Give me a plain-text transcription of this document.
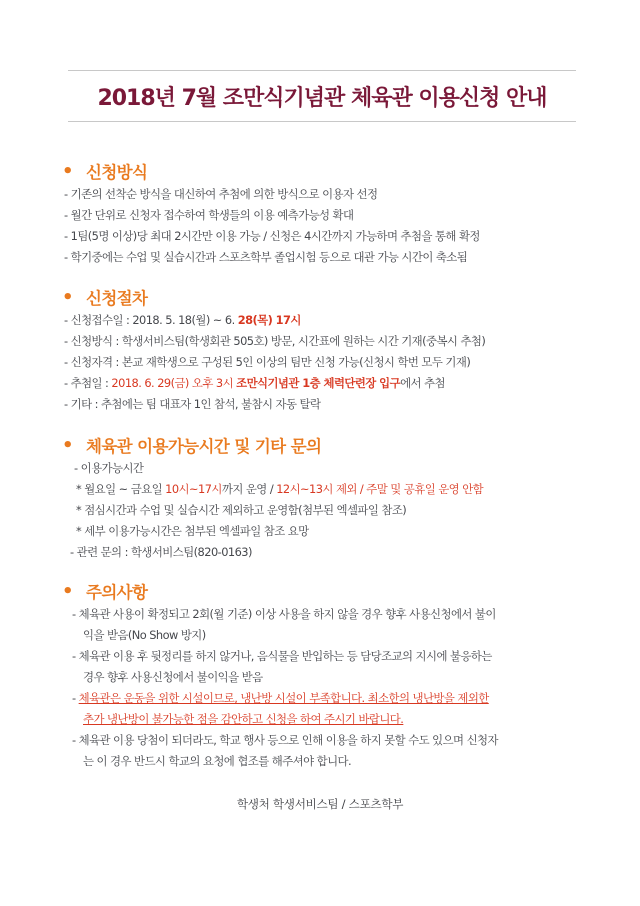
2018년 7월 조만식기념관 체육관 이용신청 안내
• 신청방식
- 기존의 선착순 방식을 대신하여 추첨에 의한 방식으로 이용자 선정
- 월간 단위로 신청자 접수하여 학생들의 이용 예측가능성 확대
- 1팀(5명 이상)당 최대 2시간만 이용 가능 / 신청은 4시간까지 가능하며 추첨을 통해 확정
- 학기중에는 수업 및 실습시간과 스포츠학부 졸업시험 등으로 대관 가능 시간이 축소됨
• 신청절차
- 신청접수일 : 2018. 5. 18(월) ~ 6. 28(목) 17시
- 신청방식 : 학생서비스팀(학생회관 505호) 방문, 시간표에 원하는 시간 기재(중복시 추첨)
- 신청자격 : 본교 재학생으로 구성된 5인 이상의 팀만 신청 가능(신청시 학번 모두 기재)
- 추첨일 : 2018. 6. 29(금) 오후 3시 조만식기념관 1층 체력단련장 입구에서 추첨
- 기타 : 추첨에는 팀 대표자 1인 참석, 불참시 자동 탈락
• 체육관 이용가능시간 및 기타 문의
- 이용가능시간
* 월요일 ~ 금요일 10시~17시까지 운영 / 12시~13시 제외 / 주말 및 공휴일 운영 안함
* 점심시간과 수업 및 실습시간 제외하고 운영함(첨부된 엑셀파일 참조)
* 세부 이용가능시간은 첨부된 엑셀파일 참조 요망
- 관련 문의 : 학생서비스팀(820-0163)
• 주의사항
- 체육관 사용이 확정되고 2회(월 기준) 이상 사용을 하지 않을 경우 향후 사용신청에서 불이
익을 받음(No Show 방지)
- 체육관 이용 후 뒷정리를 하지 않거나, 음식물을 반입하는 등 담당조교의 지시에 불응하는
경우 향후 사용신청에서 불이익을 받음
- 체육관은 운동을 위한 시설이므로, 냉난방 시설이 부족합니다. 최소한의 냉난방을 제외한
추가 냉난방이 불가능한 점을 감안하고 신청을 하여 주시기 바랍니다.
- 체육관 이용 당첨이 되더라도, 학교 행사 등으로 인해 이용을 하지 못할 수도 있으며 신청자
는 이 경우 반드시 학교의 요청에 협조를 해주셔야 합니다.
학생처 학생서비스팀 / 스포츠학부
